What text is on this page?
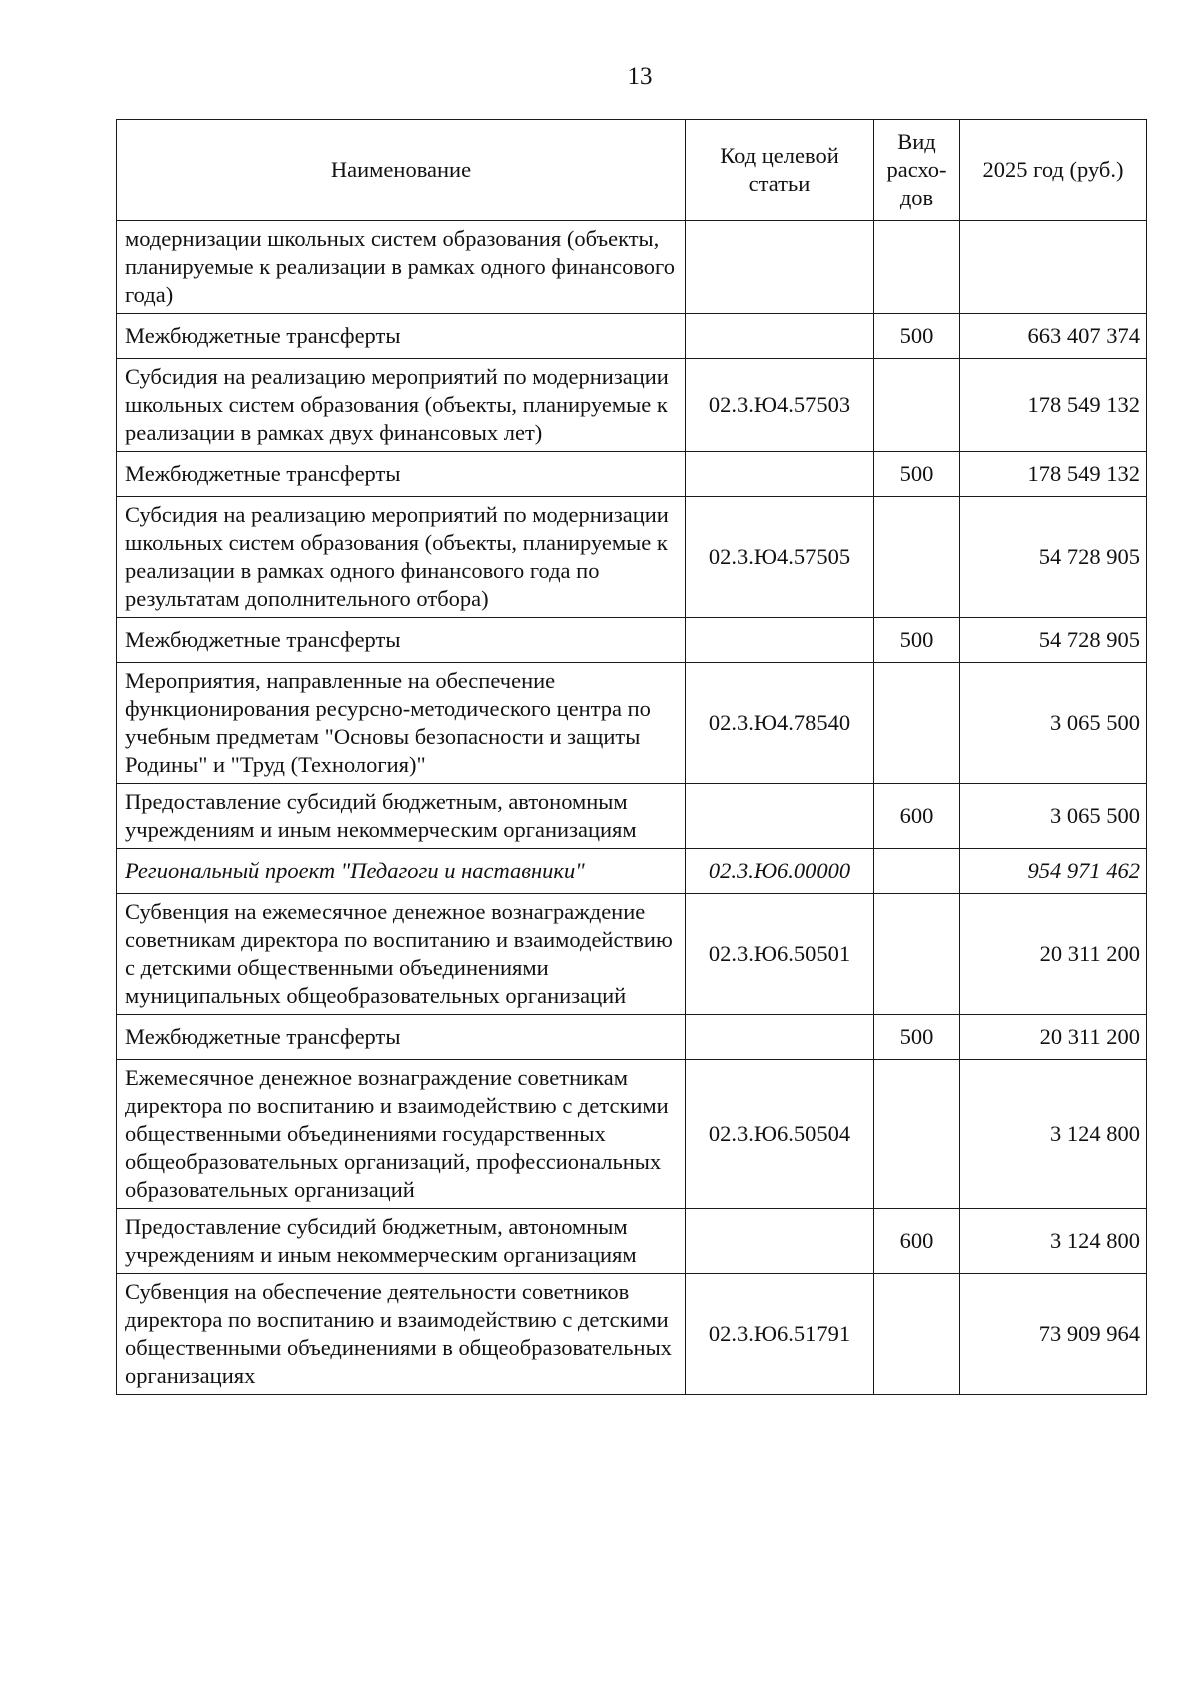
13
Наименование	Код целевой статьи	Вид расхо-дов	2025 год (руб.)
модернизации школьных систем образования (объекты, планируемые к реализации в рамках одного финансового года)			
Межбюджетные трансферты		500	663 407 374
Субсидия на реализацию мероприятий по модернизации школьных систем образования (объекты, планируемые к реализации в рамках двух финансовых лет)	02.3.Ю4.57503		178 549 132
Межбюджетные трансферты		500	178 549 132
Субсидия на реализацию мероприятий по модернизации школьных систем образования (объекты, планируемые к реализации в рамках одного финансового года по результатам дополнительного отбора)	02.3.Ю4.57505		54 728 905
Межбюджетные трансферты		500	54 728 905
Мероприятия, направленные на обеспечение функционирования ресурсно-методического центра по учебным предметам "Основы безопасности и защиты Родины" и "Труд (Технология)"	02.3.Ю4.78540		3 065 500
Предоставление субсидий бюджетным, автономным учреждениям и иным некоммерческим организациям		600	3 065 500
Региональный проект "Педагоги и наставники"	02.3.Ю6.00000		954 971 462
Субвенция на ежемесячное денежное вознаграждение советникам директора по воспитанию и взаимодействию с детскими общественными объединениями муниципальных общеобразовательных организаций	02.3.Ю6.50501		20 311 200
Межбюджетные трансферты		500	20 311 200
Ежемесячное денежное вознаграждение советникам директора по воспитанию и взаимодействию с детскими общественными объединениями государственных общеобразовательных организаций, профессиональных образовательных организаций	02.3.Ю6.50504		3 124 800
Предоставление субсидий бюджетным, автономным учреждениям и иным некоммерческим организациям		600	3 124 800
Субвенция на обеспечение деятельности советников директора по воспитанию и взаимодействию с детскими общественными объединениями в общеобразовательных организациях	02.3.Ю6.51791		73 909 964
